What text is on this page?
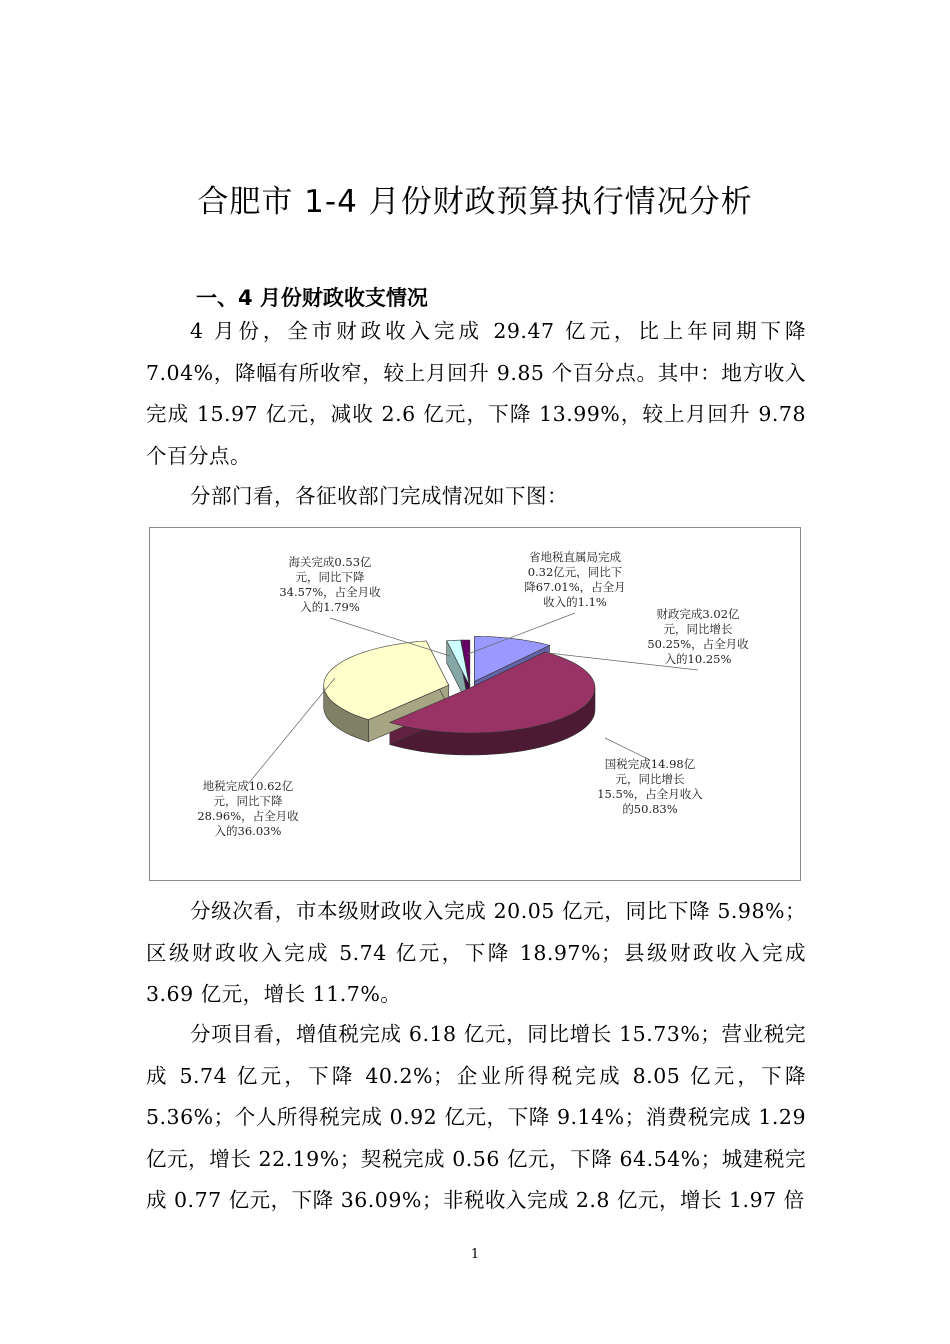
合肥市 1-4 月份财政预算执行情况分析
一、4 月份财政收支情况
4 月份，全市财政收入完成 29.47 亿元，比上年同期下降 7.04%，降幅有所收窄，较上月回升 9.85 个百分点。其中：地方收入完成 15.97 亿元，减收 2.6 亿元，下降 13.99%，较上月回升 9.78 个百分点。
分部门看，各征收部门完成情况如下图：
财政完成3.02亿元，同比增长 50.25%，占全月收入的10.25%
国税完成14.98亿元，同比增长 15.5%，占全月收入的50.83%
地税完成10.62亿元，同比下降 28.96%，占全月收入的36.03%
海关完成0.53亿元，同比下降 34.57%，占全月收入的1.79%
省地税直属局完成 0.32亿元，同比下降67.01%，占全月收入的1.1%
分级次看，市本级财政收入完成 20.05 亿元，同比下降 5.98%；区级财政收入完成 5.74 亿元，下降 18.97%；县级财政收入完成 3.69 亿元，增长 11.7%。
分项目看，增值税完成 6.18 亿元，同比增长 15.73%；营业税完成 5.74 亿元，下降 40.2%；企业所得税完成 8.05 亿元，下降 5.36%；个人所得税完成 0.92 亿元，下降 9.14%；消费税完成 1.29 亿元，增长 22.19%；契税完成 0.56 亿元，下降 64.54%；城建税完成 0.77 亿元，下降 36.09%；非税收入完成 2.8 亿元，增长 1.97 倍
1
